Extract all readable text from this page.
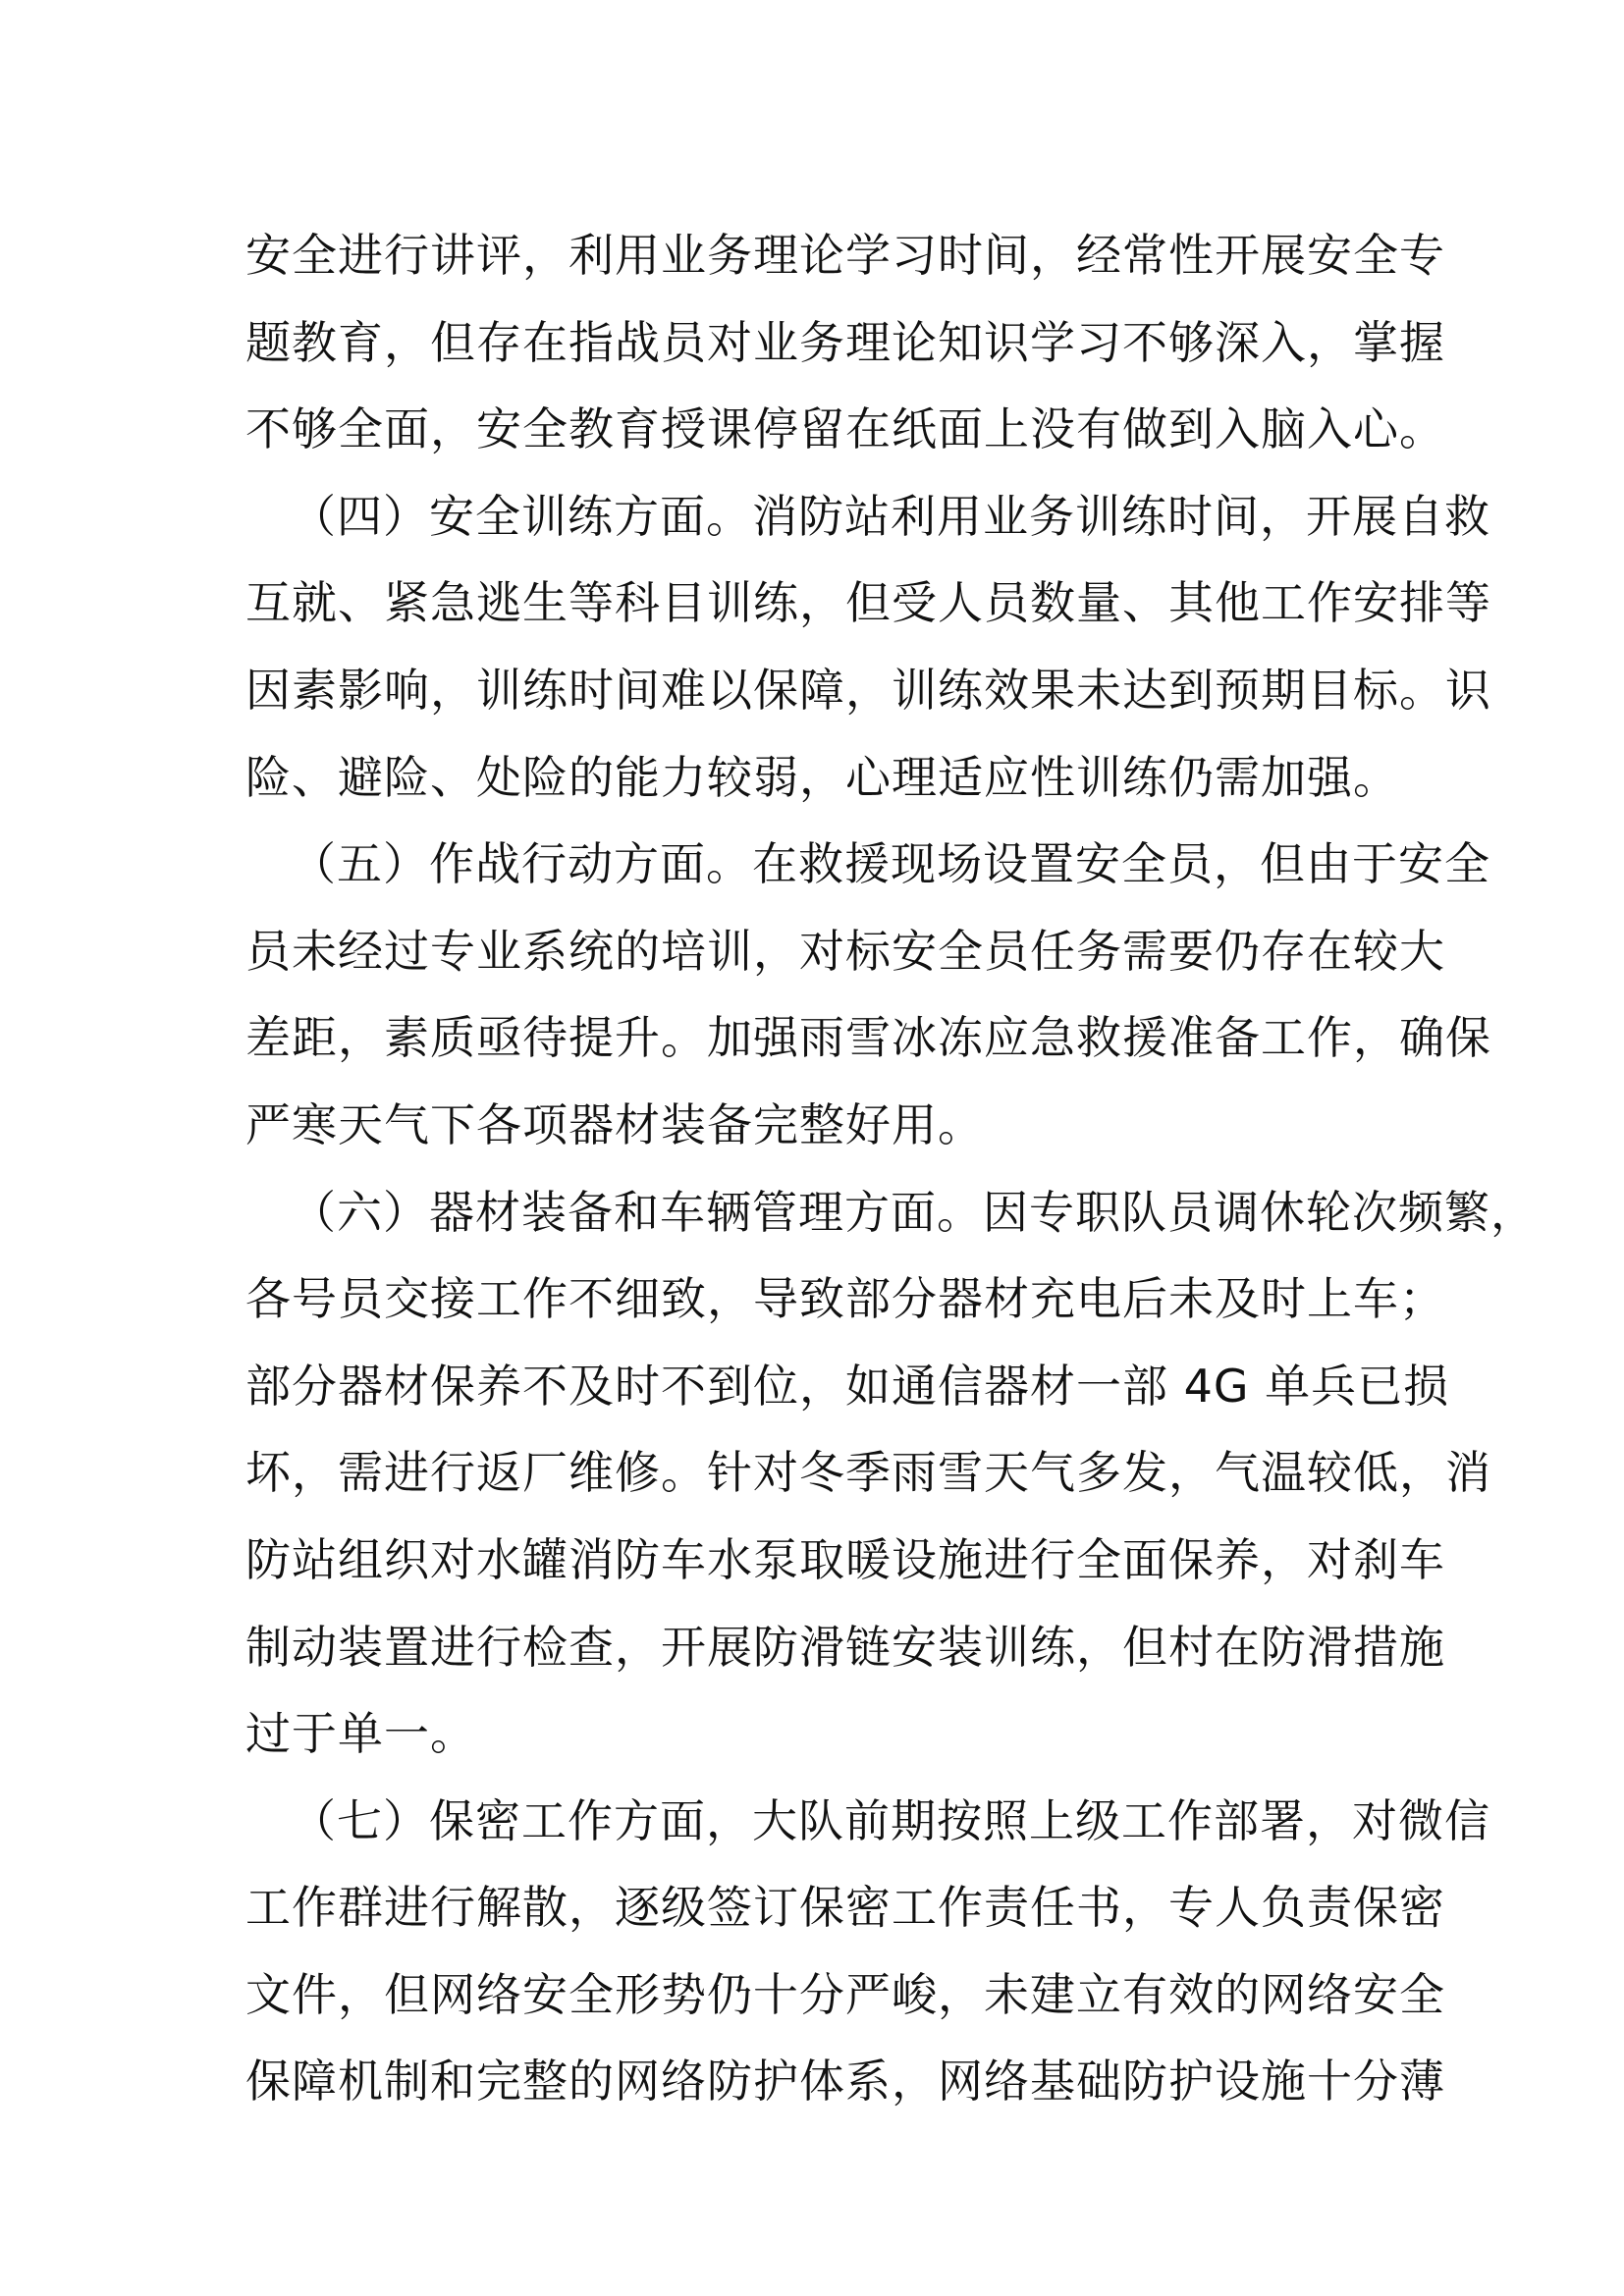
安全进行讲评，利用业务理论学习时间，经常性开展安全专
题教育，但存在指战员对业务理论知识学习不够深入，掌握
不够全面，安全教育授课停留在纸面上没有做到入脑入心。
（四）安全训练方面。消防站利用业务训练时间，开展自救
互就、紧急逃生等科目训练，但受人员数量、其他工作安排等
因素影响，训练时间难以保障，训练效果未达到预期目标。识
险、避险、处险的能力较弱，心理适应性训练仍需加强。
（五）作战行动方面。在救援现场设置安全员，但由于安全
员未经过专业系统的培训，对标安全员任务需要仍存在较大
差距，素质亟待提升。加强雨雪冰冻应急救援准备工作，确保
严寒天气下各项器材装备完整好用。
（六）器材装备和车辆管理方面。因专职队员调休轮次频繁，
各号员交接工作不细致，导致部分器材充电后未及时上车；
部分器材保养不及时不到位，如通信器材一部 4G 单兵已损
坏，需进行返厂维修。针对冬季雨雪天气多发，气温较低，消
防站组织对水罐消防车水泵取暖设施进行全面保养，对刹车
制动装置进行检查，开展防滑链安装训练，但村在防滑措施
过于单一。
（七）保密工作方面，大队前期按照上级工作部署，对微信
工作群进行解散，逐级签订保密工作责任书，专人负责保密
文件，但网络安全形势仍十分严峻，未建立有效的网络安全
保障机制和完整的网络防护体系，网络基础防护设施十分薄
